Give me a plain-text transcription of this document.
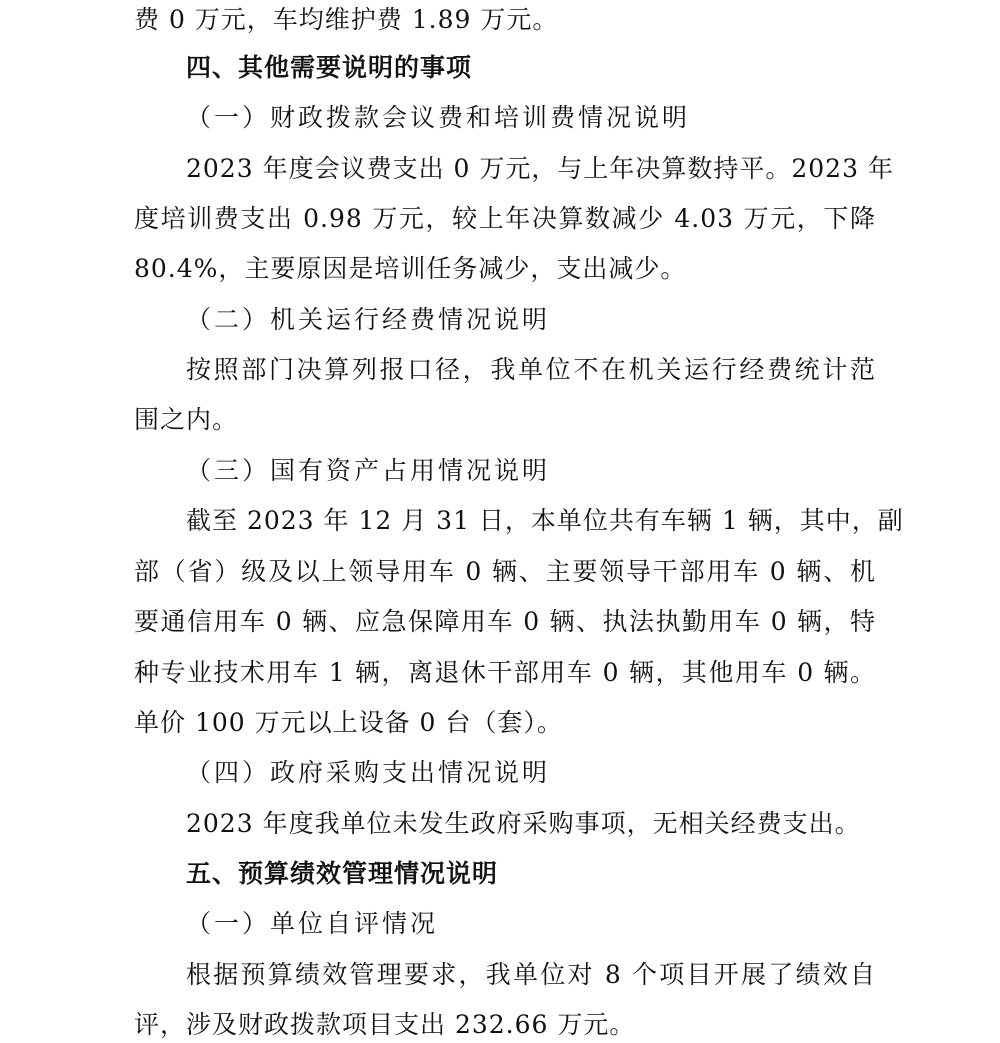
费 0 万元，车均维护费 1.89 万元。
四、其他需要说明的事项
（一）财政拨款会议费和培训费情况说明
2023 年度会议费支出 0 万元，与上年决算数持平。2023 年
度培训费支出 0.98 万元，较上年决算数减少 4.03 万元，下降
80.4%，主要原因是培训任务减少，支出减少。
（二）机关运行经费情况说明
按照部门决算列报口径，我单位不在机关运行经费统计范
围之内。
（三）国有资产占用情况说明
截至 2023 年 12 月 31 日，本单位共有车辆 1 辆，其中，副
部（省）级及以上领导用车 0 辆、主要领导干部用车 0 辆、机
要通信用车 0 辆、应急保障用车 0 辆、执法执勤用车 0 辆，特
种专业技术用车 1 辆，离退休干部用车 0 辆，其他用车 0 辆。
单价 100 万元以上设备 0 台（套）。
（四）政府采购支出情况说明
2023 年度我单位未发生政府采购事项，无相关经费支出。
五、预算绩效管理情况说明
（一）单位自评情况
根据预算绩效管理要求，我单位对 8 个项目开展了绩效自
评，涉及财政拨款项目支出 232.66 万元。
